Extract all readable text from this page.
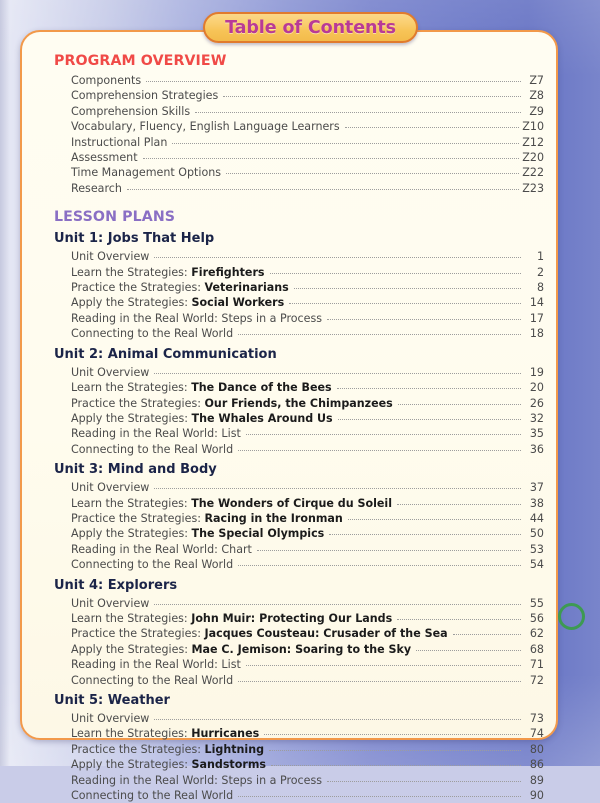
PROGRAM OVERVIEW
Components	Z7
Comprehension Strategies	Z8
Comprehension Skills	Z9
Vocabulary, Fluency, English Language Learners	Z10
Instructional Plan	Z12
Assessment	Z20
Time Management Options	Z22
Research	Z23
LESSON PLANS
Unit 1: Jobs That Help
Unit Overview	1
Learn the Strategies: Firefighters	2
Practice the Strategies: Veterinarians	8
Apply the Strategies: Social Workers	14
Reading in the Real World: Steps in a Process	17
Connecting to the Real World	18
Unit 2: Animal Communication
Unit Overview	19
Learn the Strategies: The Dance of the Bees	20
Practice the Strategies: Our Friends, the Chimpanzees	26
Apply the Strategies: The Whales Around Us	32
Reading in the Real World: List	35
Connecting to the Real World	36
Unit 3: Mind and Body
Unit Overview	37
Learn the Strategies: The Wonders of Cirque du Soleil	38
Practice the Strategies: Racing in the Ironman	44
Apply the Strategies: The Special Olympics	50
Reading in the Real World: Chart	53
Connecting to the Real World	54
Unit 4: Explorers
Unit Overview	55
Learn the Strategies: John Muir: Protecting Our Lands	56
Practice the Strategies: Jacques Cousteau: Crusader of the Sea	62
Apply the Strategies: Mae C. Jemison: Soaring to the Sky	68
Reading in the Real World: List	71
Connecting to the Real World	72
Unit 5: Weather
Unit Overview	73
Learn the Strategies: Hurricanes	74
Practice the Strategies: Lightning	80
Apply the Strategies: Sandstorms	86
Reading in the Real World: Steps in a Process	89
Connecting to the Real World	90
Table of Contents
